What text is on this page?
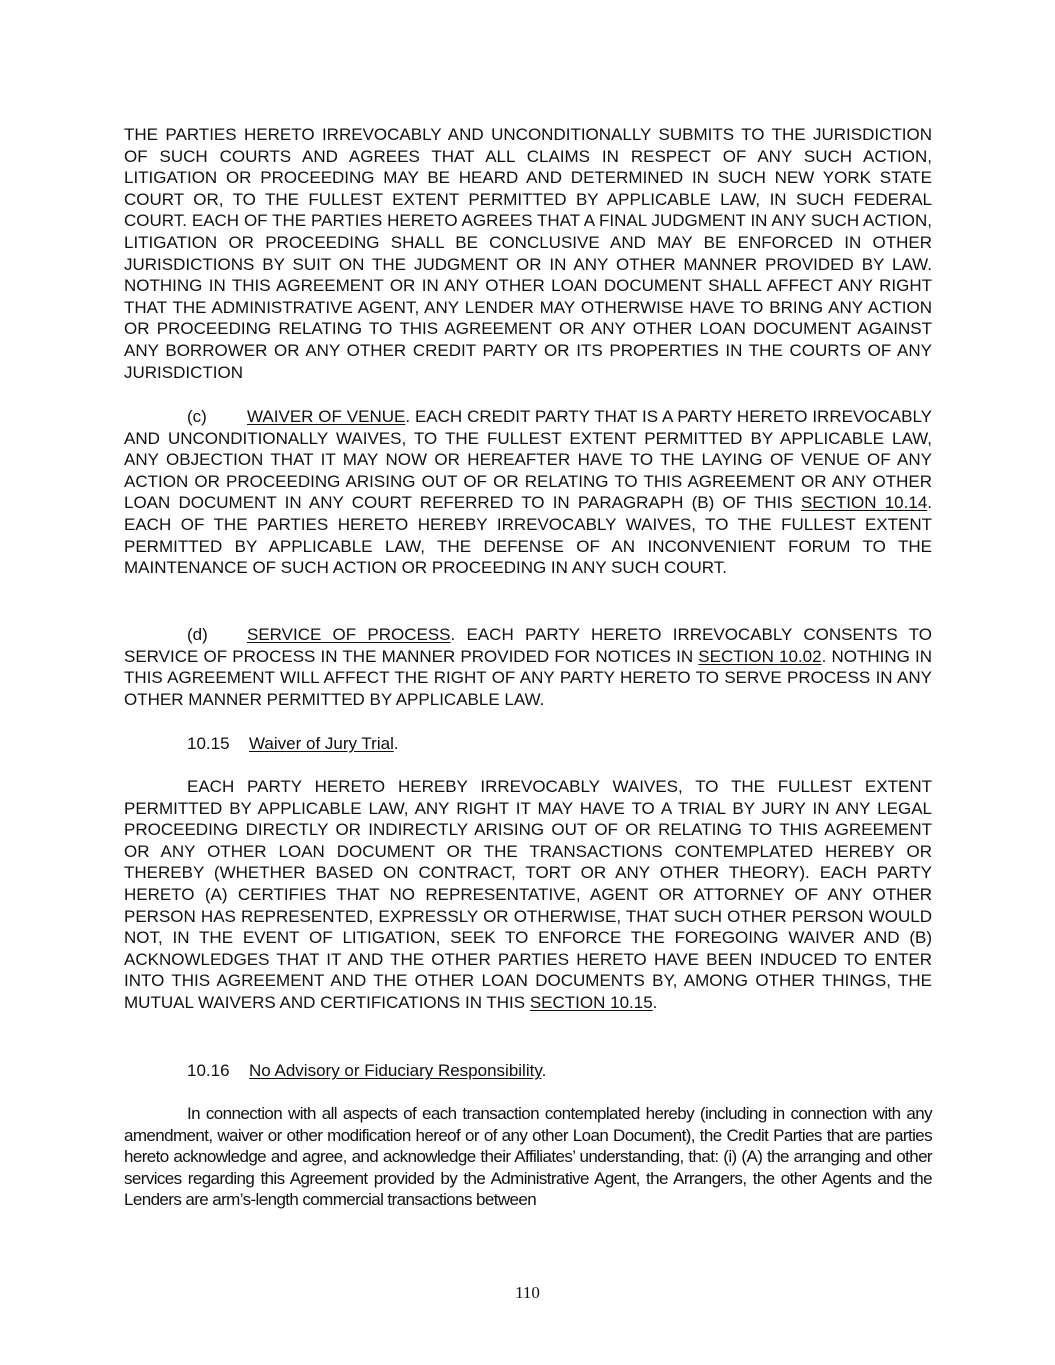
THE PARTIES HERETO IRREVOCABLY AND UNCONDITIONALLY SUBMITS TO THE JURISDICTION OF SUCH COURTS AND AGREES THAT ALL CLAIMS IN RESPECT OF ANY SUCH ACTION, LITIGATION OR PROCEEDING MAY BE HEARD AND DETERMINED IN SUCH NEW YORK STATE COURT OR, TO THE FULLEST EXTENT PERMITTED BY APPLICABLE LAW, IN SUCH FEDERAL COURT. EACH OF THE PARTIES HERETO AGREES THAT A FINAL JUDGMENT IN ANY SUCH ACTION, LITIGATION OR PROCEEDING SHALL BE CONCLUSIVE AND MAY BE ENFORCED IN OTHER JURISDICTIONS BY SUIT ON THE JUDGMENT OR IN ANY OTHER MANNER PROVIDED BY LAW. NOTHING IN THIS AGREEMENT OR IN ANY OTHER LOAN DOCUMENT SHALL AFFECT ANY RIGHT THAT THE ADMINISTRATIVE AGENT, ANY LENDER MAY OTHERWISE HAVE TO BRING ANY ACTION OR PROCEEDING RELATING TO THIS AGREEMENT OR ANY OTHER LOAN DOCUMENT AGAINST ANY BORROWER OR ANY OTHER CREDIT PARTY OR ITS PROPERTIES IN THE COURTS OF ANY JURISDICTION

(c) WAIVER OF VENUE. EACH CREDIT PARTY THAT IS A PARTY HERETO IRREVOCABLY AND UNCONDITIONALLY WAIVES, TO THE FULLEST EXTENT PERMITTED BY APPLICABLE LAW, ANY OBJECTION THAT IT MAY NOW OR HEREAFTER HAVE TO THE LAYING OF VENUE OF ANY ACTION OR PROCEEDING ARISING OUT OF OR RELATING TO THIS AGREEMENT OR ANY OTHER LOAN DOCUMENT IN ANY COURT REFERRED TO IN PARAGRAPH (B) OF THIS SECTION 10.14. EACH OF THE PARTIES HERETO HEREBY IRREVOCABLY WAIVES, TO THE FULLEST EXTENT PERMITTED BY APPLICABLE LAW, THE DEFENSE OF AN INCONVENIENT FORUM TO THE MAINTENANCE OF SUCH ACTION OR PROCEEDING IN ANY SUCH COURT.

(d) SERVICE OF PROCESS. EACH PARTY HERETO IRREVOCABLY CONSENTS TO SERVICE OF PROCESS IN THE MANNER PROVIDED FOR NOTICES IN SECTION 10.02. NOTHING IN THIS AGREEMENT WILL AFFECT THE RIGHT OF ANY PARTY HERETO TO SERVE PROCESS IN ANY OTHER MANNER PERMITTED BY APPLICABLE LAW.

10.15 Waiver of Jury Trial.

EACH PARTY HERETO HEREBY IRREVOCABLY WAIVES, TO THE FULLEST EXTENT PERMITTED BY APPLICABLE LAW, ANY RIGHT IT MAY HAVE TO A TRIAL BY JURY IN ANY LEGAL PROCEEDING DIRECTLY OR INDIRECTLY ARISING OUT OF OR RELATING TO THIS AGREEMENT OR ANY OTHER LOAN DOCUMENT OR THE TRANSACTIONS CONTEMPLATED HEREBY OR THEREBY (WHETHER BASED ON CONTRACT, TORT OR ANY OTHER THEORY). EACH PARTY HERETO (A) CERTIFIES THAT NO REPRESENTATIVE, AGENT OR ATTORNEY OF ANY OTHER PERSON HAS REPRESENTED, EXPRESSLY OR OTHERWISE, THAT SUCH OTHER PERSON WOULD NOT, IN THE EVENT OF LITIGATION, SEEK TO ENFORCE THE FOREGOING WAIVER AND (B) ACKNOWLEDGES THAT IT AND THE OTHER PARTIES HERETO HAVE BEEN INDUCED TO ENTER INTO THIS AGREEMENT AND THE OTHER LOAN DOCUMENTS BY, AMONG OTHER THINGS, THE MUTUAL WAIVERS AND CERTIFICATIONS IN THIS SECTION 10.15.

10.16 No Advisory or Fiduciary Responsibility.

In connection with all aspects of each transaction contemplated hereby (including in connection with any amendment, waiver or other modification hereof or of any other Loan Document), the Credit Parties that are parties hereto acknowledge and agree, and acknowledge their Affiliates’ understanding, that: (i) (A) the arranging and other services regarding this Agreement provided by the Administrative Agent, the Arrangers, the other Agents and the Lenders are arm’s-length commercial transactions between

110
